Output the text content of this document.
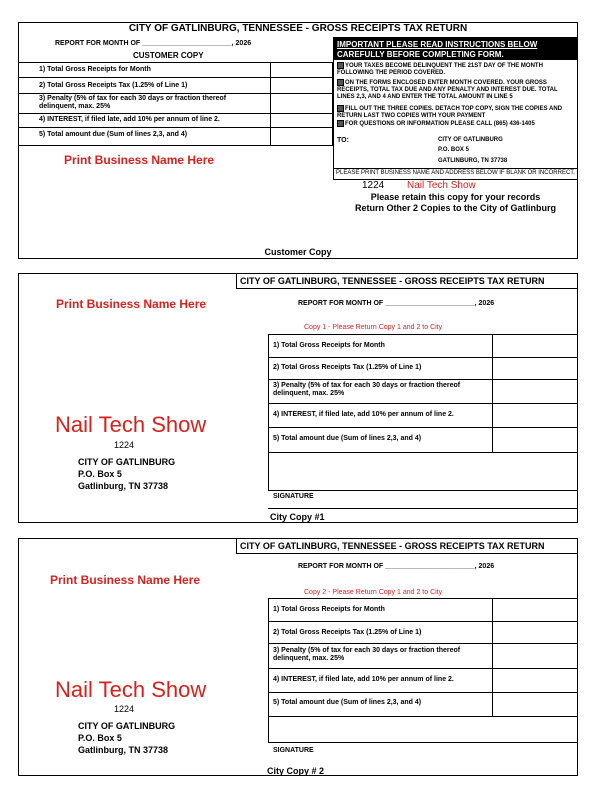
CITY OF GATLINBURG, TENNESSEE - GROSS RECEIPTS TAX RETURN
REPORT FOR MONTH OF _______________________, 2026
CUSTOMER COPY
1) Total Gross Receipts for Month
2) Total Gross Receipts Tax (1.25% of Line 1)
3) Penalty (5% of tax for each 30 days or fraction thereof delinquent, max. 25%
4) INTEREST, if filed late, add 10% per annum of line 2.
5) Total amount due (Sum of lines 2,3, and 4)
Print Business Name Here
IMPORTANT PLEASE READ INSTRUCTIONS BELOW
CAREFULLY BEFORE COMPLETING FORM.
YOUR TAXES BECOME DELINQUENT THE 21ST DAY OF THE MONTH FOLLOWING THE PERIOD COVERED.
ON THE FORMS ENCLOSED ENTER MONTH COVERED. YOUR GROSS RECEIPTS, TOTAL TAX DUE AND ANY PENALTY AND INTEREST DUE. TOTAL LINES 2,3, AND 4 AND ENTER THE TOTAL AMOUNT IN LINE 5
FILL OUT THE THREE COPIES. DETACH TOP COPY, SIGN THE COPIES AND RETURN LAST TWO COPIES WITH YOUR PAYMENT
FOR QUESTIONS OR INFORMATION PLEASE CALL (865) 436-1405
TO:	CITY OF GATLINBURG
P.O. BOX 5
GATLINBURG, TN 37738
PLEASE PRINT BUSINESS NAME AND ADDRESS BELOW IF BLANK OR INCORRECT.
1224 Nail Tech Show
Please retain this copy for your records
Return Other 2 Copies to the City of Gatlinburg
Customer Copy
CITY OF GATLINBURG, TENNESSEE - GROSS RECEIPTS TAX RETURN
Print Business Name Here	REPORT FOR MONTH OF _______________________, 2026
Copy 1 - Please Return Copy 1 and 2 to City
1) Total Gross Receipts for Month
2) Total Gross Receipts Tax (1.25% of Line 1)
3) Penalty (5% of tax for each 30 days or fraction thereof delinquent, max. 25%
4) INTEREST, if filed late, add 10% per annum of line 2.
5) Total amount due (Sum of lines 2,3, and 4)
Nail Tech Show
1224
CITY OF GATLINBURG
P.O. Box 5
Gatlinburg, TN 37738
SIGNATURE
City Copy #1
CITY OF GATLINBURG, TENNESSEE - GROSS RECEIPTS TAX RETURN
Print Business Name Here
REPORT FOR MONTH OF _______________________, 2026
Copy 2 - Please Return Copy 1 and 2 to City
1) Total Gross Receipts for Month
2) Total Gross Receipts Tax (1.25% of Line 1)
3) Penalty (5% of tax for each 30 days or fraction thereof delinquent, max. 25%
4) INTEREST, if filed late, add 10% per annum of line 2.
5) Total amount due (Sum of lines 2,3, and 4)
Nail Tech Show
1224
CITY OF GATLINBURG
P.O. Box 5
Gatlinburg, TN 37738	SIGNATURE
City Copy # 2
